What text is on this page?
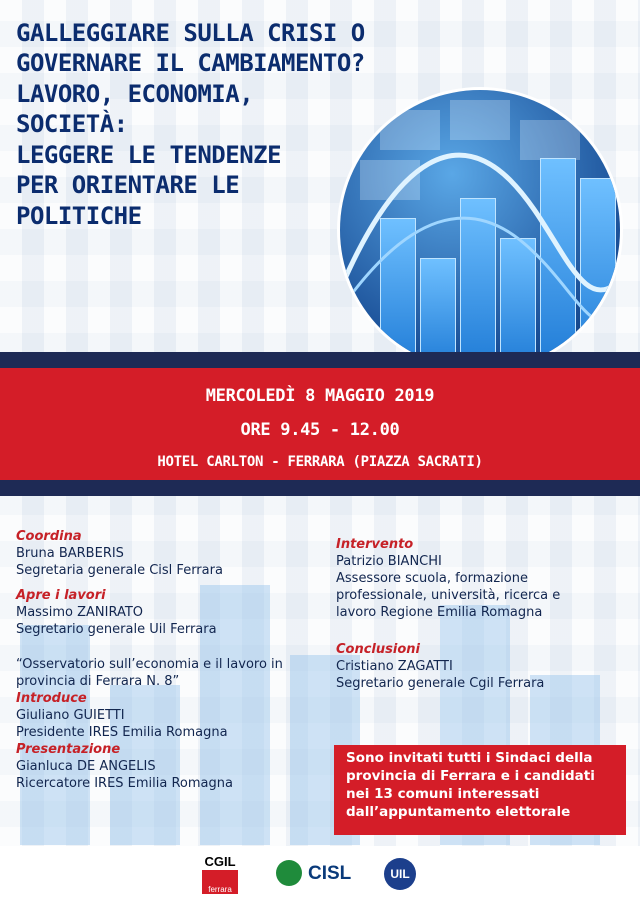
GALLEGGIARE SULLA CRISI O
GOVERNARE IL CAMBIAMENTO?
LAVORO, ECONOMIA,
SOCIETÀ:
LEGGERE LE TENDENZE
PER ORIENTARE LE
POLITICHE
MERCOLEDÌ 8 MAGGIO 2019
ORE 9.45 - 12.00
HOTEL CARLTON - FERRARA (PIAZZA SACRATI)
Coordina
Bruna BARBERIS
Segretaria generale Cisl Ferrara
Apre i lavori
Massimo ZANIRATO
Segretario generale Uil Ferrara
“Osservatorio sull’economia e il lavoro in
provincia di Ferrara N. 8”
Introduce
Giuliano GUIETTI
Presidente IRES Emilia Romagna
Presentazione
Gianluca DE ANGELIS
Ricercatore IRES Emilia Romagna
Intervento
Patrizio BIANCHI
Assessore scuola, formazione
professionale, università, ricerca e
lavoro Regione Emilia Romagna
Conclusioni
Cristiano ZAGATTI
Segretario generale Cgil Ferrara
Sono invitati tutti i Sindaci della
provincia di Ferrara e i candidati
nei 13 comuni interessati
dall’appuntamento elettorale
CGIL
ferrara
CISL	UIL
